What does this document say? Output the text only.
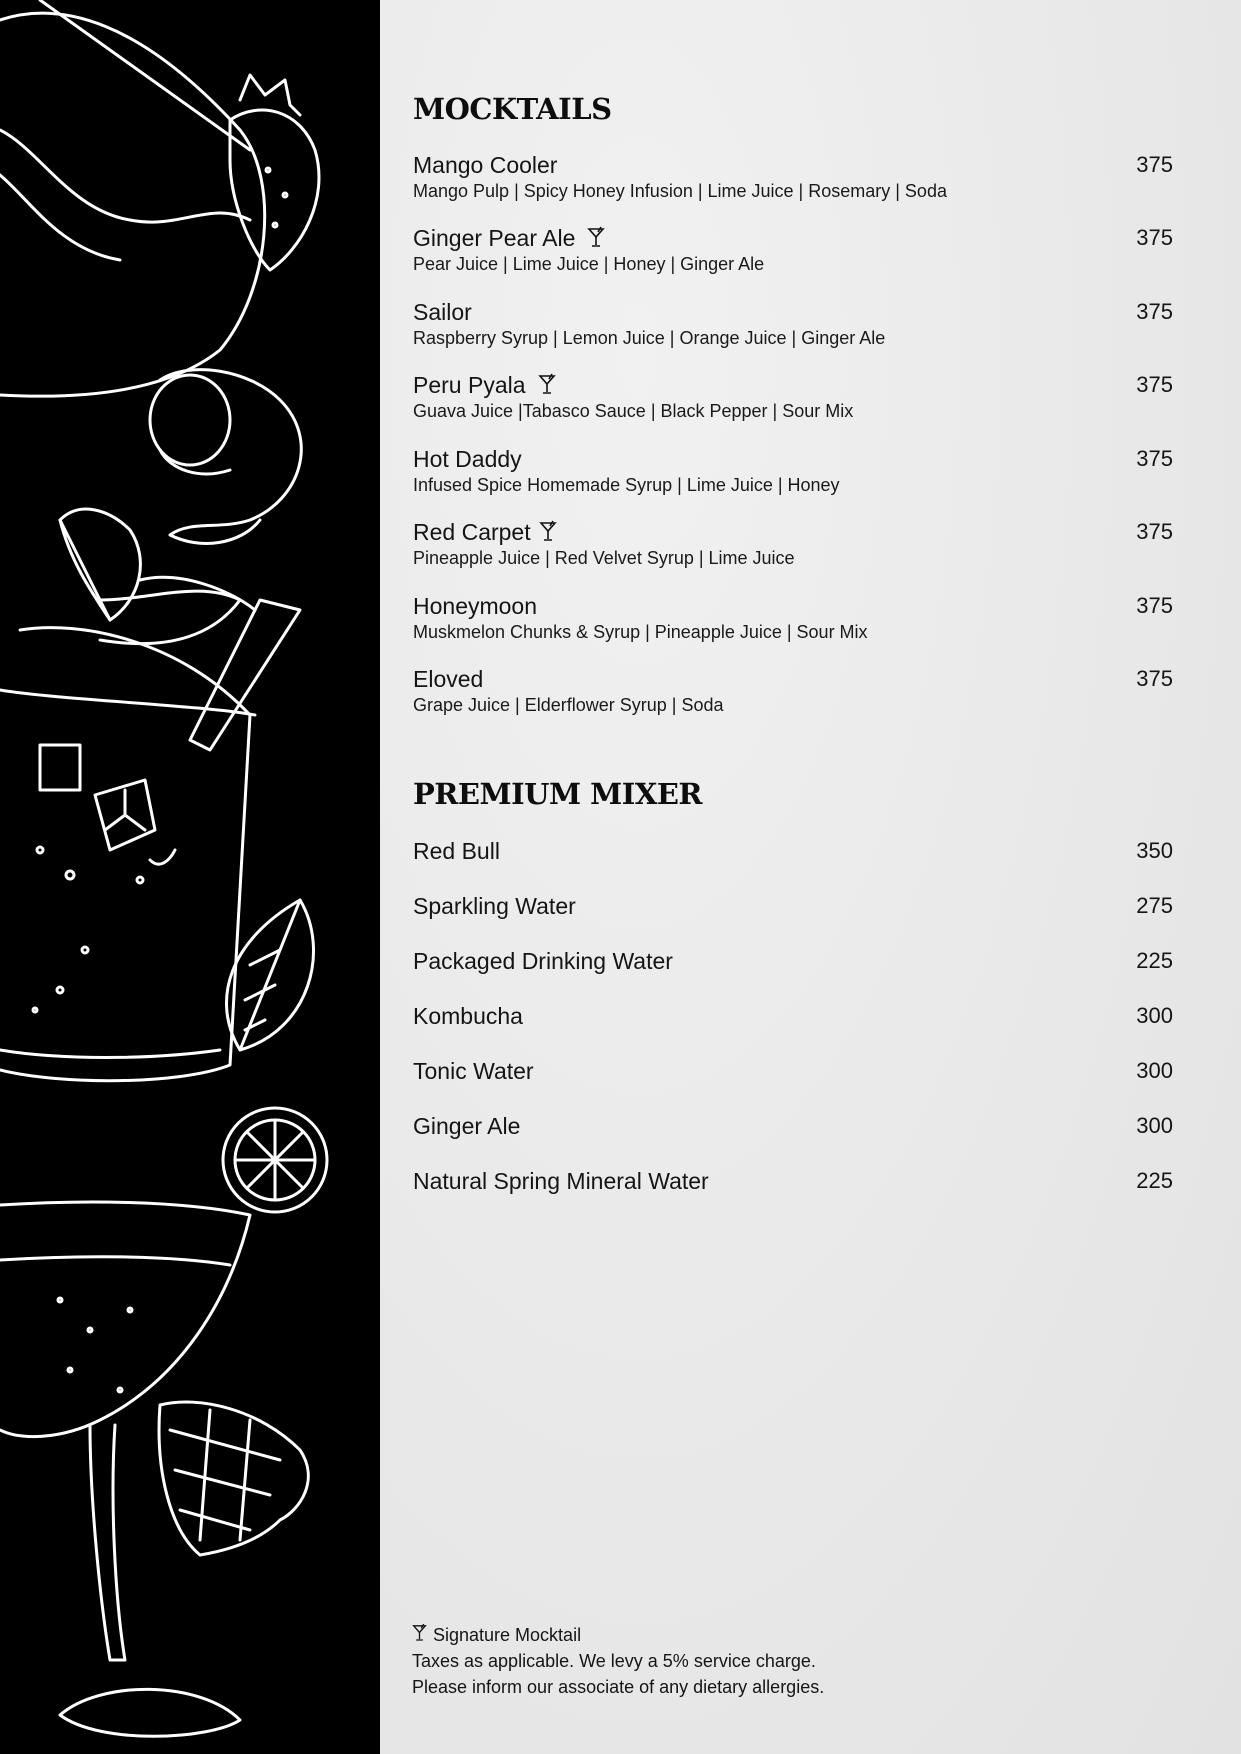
MOCKTAILS
Mango Cooler
Mango Pulp | Spicy Honey Infusion | Lime Juice | Rosemary | Soda
375
Ginger Pear Ale
Pear Juice | Lime Juice | Honey | Ginger Ale
375
Sailor
Raspberry Syrup | Lemon Juice | Orange Juice | Ginger Ale
375
Peru Pyala
Guava Juice |Tabasco Sauce | Black Pepper | Sour Mix
375
Hot Daddy
Infused Spice Homemade Syrup | Lime Juice | Honey
375
Red Carpet
Pineapple Juice | Red Velvet Syrup | Lime Juice
375
Honeymoon
Muskmelon Chunks & Syrup | Pineapple Juice | Sour Mix
375
Eloved
Grape Juice | Elderflower Syrup | Soda
375
PREMIUM MIXER
Red Bull	350
Sparkling Water	275
Packaged Drinking Water	225
Kombucha	300
Tonic Water	300
Ginger Ale	300
Natural Spring Mineral Water	225
Signature Mocktail
Taxes as applicable. We levy a 5% service charge.
Please inform our associate of any dietary allergies.
